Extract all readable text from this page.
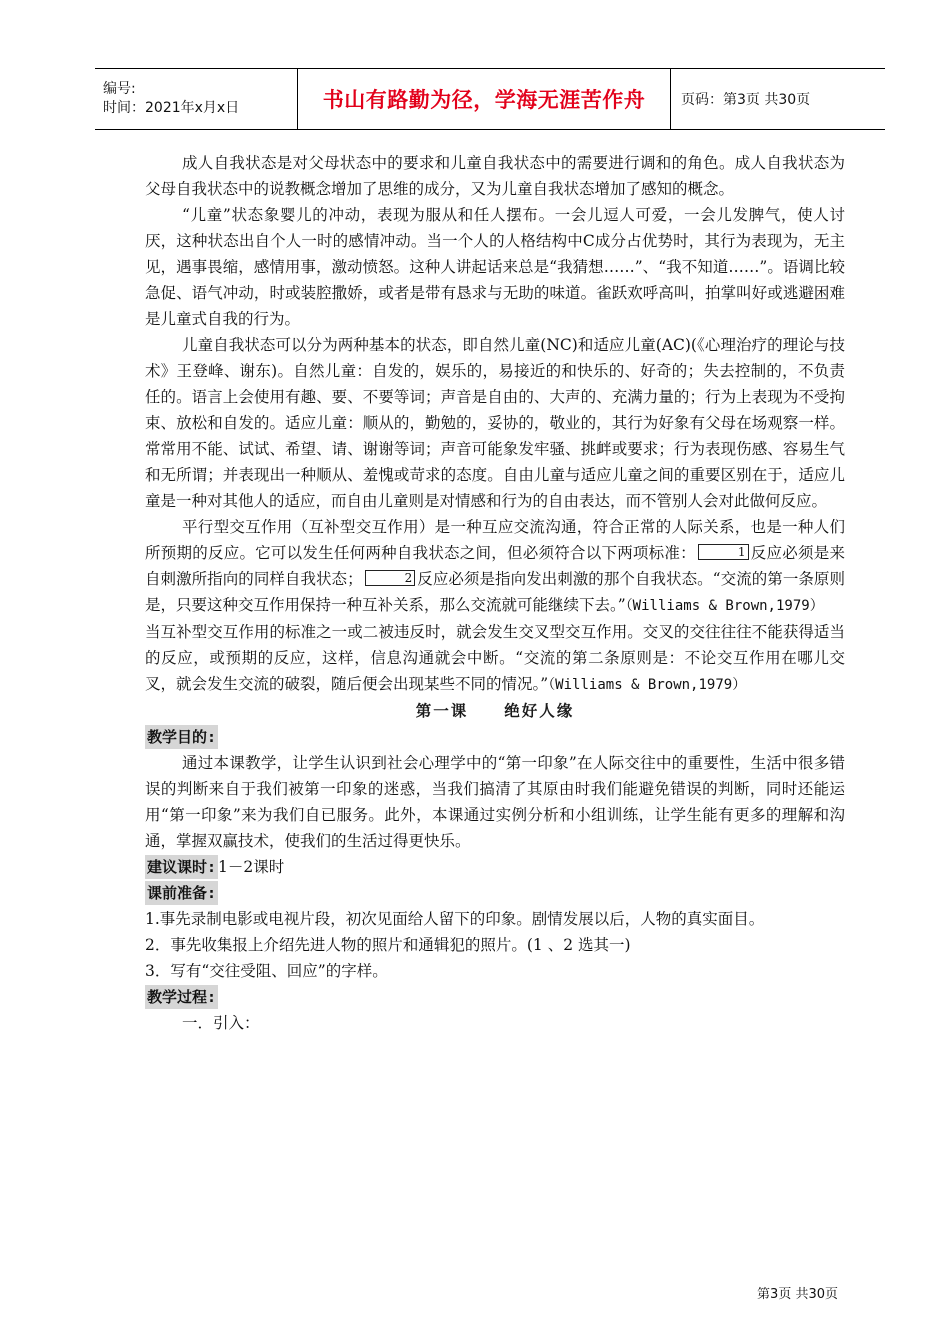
编号:
时间：2021年x月x日	书山有路勤为径，学海无涯苦作舟	页码：第3页 共30页

成人自我状态是对父母状态中的要求和儿童自我状态中的需要进行调和的角色。成人自我状态为父母自我状态中的说教概念增加了思维的成分，又为儿童自我状态增加了感知的概念。

“儿童”状态象婴儿的冲动，表现为服从和任人摆布。一会儿逗人可爱，一会儿发脾气，使人讨厌，这种状态出自个人一时的感情冲动。当一个人的人格结构中C成分占优势时，其行为表现为，无主见，遇事畏缩，感情用事，激动愤怒。这种人讲起话来总是“我猜想……”、“我不知道……”。语调比较急促、语气冲动，时或装腔撒娇，或者是带有恳求与无助的味道。雀跃欢呼高叫，拍掌叫好或逃避困难是儿童式自我的行为。

儿童自我状态可以分为两种基本的状态，即自然儿童(NC)和适应儿童(AC)(《心理治疗的理论与技术》王登峰、谢东)。自然儿童：自发的，娱乐的，易接近的和快乐的、好奇的；失去控制的，不负责任的。语言上会使用有趣、要、不要等词；声音是自由的、大声的、充满力量的；行为上表现为不受拘束、放松和自发的。适应儿童：顺从的，勤勉的，妥协的，敬业的，其行为好象有父母在场观察一样。常常用不能、试试、希望、请、谢谢等词；声音可能象发牢骚、挑衅或要求；行为表现伤感、容易生气和无所谓；并表现出一种顺从、羞愧或苛求的态度。自由儿童与适应儿童之间的重要区别在于，适应儿童是一种对其他人的适应，而自由儿童则是对情感和行为的自由表达，而不管别人会对此做何反应。

平行型交互作用（互补型交互作用）是一种互应交流沟通，符合正常的人际关系，也是一种人们所预期的反应。它可以发生任何两种自我状态之间，但必须符合以下两项标准：	1 反应必须是来自刺激所指向的同样自我状态；	2 反应必须是指向发出刺激的那个自我状态。“交流的第一条原则是，只要这种交互作用保持一种互补关系，那么交流就可能继续下去。”（Williams & Brown,1979）

当互补型交互作用的标准之一或二被违反时，就会发生交叉型交互作用。交叉的交往往往不能获得适当的反应，或预期的反应，这样，信息沟通就会中断。“交流的第二条原则是：不论交互作用在哪儿交叉，就会发生交流的破裂，随后便会出现某些不同的情况。”（Williams & Brown,1979）

第一课 绝好人缘

教学目的:

通过本课教学，让学生认识到社会心理学中的“第一印象”在人际交往中的重要性，生活中很多错误的判断来自于我们被第一印象的迷惑，当我们搞清了其原由时我们能避免错误的判断，同时还能运用“第一印象”来为我们自已服务。此外，本课通过实例分析和小组训练，让学生能有更多的理解和沟通，掌握双赢技术，使我们的生活过得更快乐。

建议课时: 1－2课时

课前准备:

1.事先录制电影或电视片段，初次见面给人留下的印象。剧情发展以后，人物的真实面目。

2．事先收集报上介绍先进人物的照片和通辑犯的照片。(1 、2 选其一)

3．写有“交往受阻、回应”的字样。

教学过程:

一．引入：

第3页 共30页
